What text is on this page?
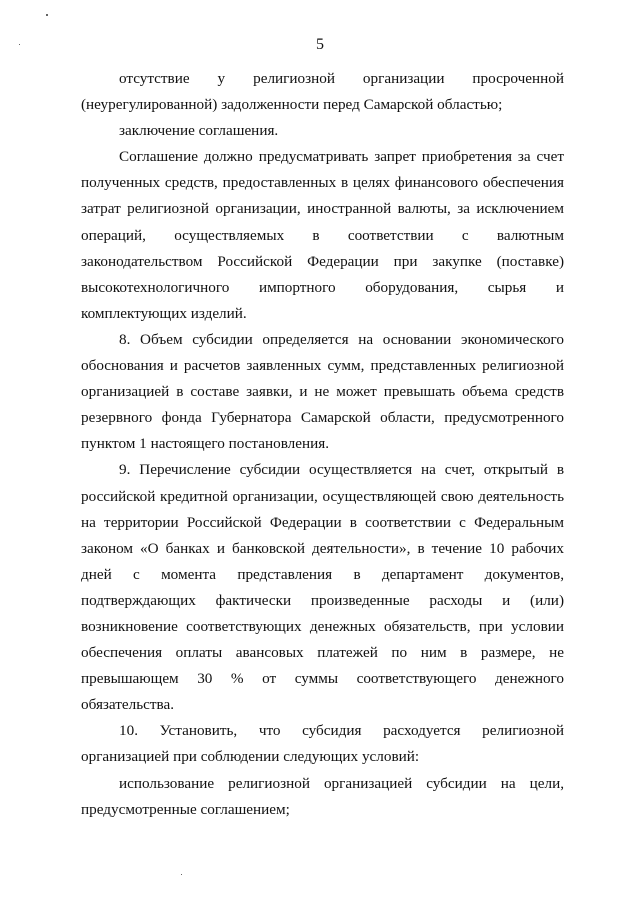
5

отсутствие у религиозной организации просроченной
(неурегулированной) задолженности перед Самарской областью;

заключение соглашения.

Соглашение должно предусматривать запрет приобретения за счет
полученных средств, предоставленных в целях финансового обеспечения
затрат религиозной организации, иностранной валюты, за исключением
операций, осуществляемых в соответствии с валютным
законодательством Российской Федерации при закупке (поставке)
высокотехнологичного импортного оборудования, сырья и
комплектующих изделий.

8. Объем субсидии определяется на основании экономического
обоснования и расчетов заявленных сумм, представленных религиозной
организацией в составе заявки, и не может превышать объема средств
резервного фонда Губернатора Самарской области, предусмотренного
пунктом 1 настоящего постановления.

9. Перечисление субсидии осуществляется на счет, открытый в
российской кредитной организации, осуществляющей свою деятельность
на территории Российской Федерации в соответствии с Федеральным
законом «О банках и банковской деятельности», в течение 10 рабочих
дней с момента представления в департамент документов,
подтверждающих фактически произведенные расходы и (или)
возникновение соответствующих денежных обязательств, при условии
обеспечения оплаты авансовых платежей по ним в размере, не
превышающем 30 % от суммы соответствующего денежного
обязательства.

10. Установить, что субсидия расходуется религиозной
организацией при соблюдении следующих условий:

использование религиозной организацией субсидии на цели,
предусмотренные соглашением;
